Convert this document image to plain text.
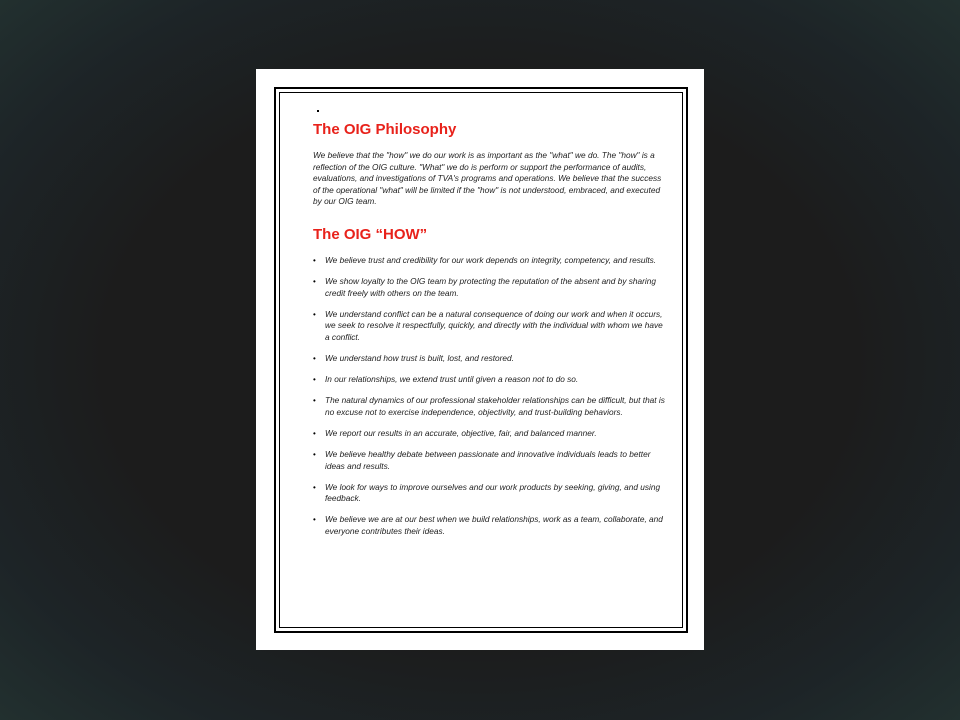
The OIG Philosophy

We believe that the "how" we do our work is as important as the "what" we do. The "how" is a reflection of the OIG culture. "What" we do is perform or support the performance of audits, evaluations, and investigations of TVA's programs and operations. We believe that the success of the operational "what" will be limited if the "how" is not understood, embraced, and executed by our OIG team.

The OIG “HOW”
• We believe trust and credibility for our work depends on integrity, competency, and results.
• We show loyalty to the OIG team by protecting the reputation of the absent and by sharing credit freely with others on the team.
• We understand conflict can be a natural consequence of doing our work and when it occurs, we seek to resolve it respectfully, quickly, and directly with the individual with whom we have a conflict.
• We understand how trust is built, lost, and restored.
• In our relationships, we extend trust until given a reason not to do so.
• The natural dynamics of our professional stakeholder relationships can be difficult, but that is no excuse not to exercise independence, objectivity, and trust-building behaviors.
• We report our results in an accurate, objective, fair, and balanced manner.
• We believe healthy debate between passionate and innovative individuals leads to better ideas and results.
• We look for ways to improve ourselves and our work products by seeking, giving, and using feedback.
• We believe we are at our best when we build relationships, work as a team, collaborate, and everyone contributes their ideas.
